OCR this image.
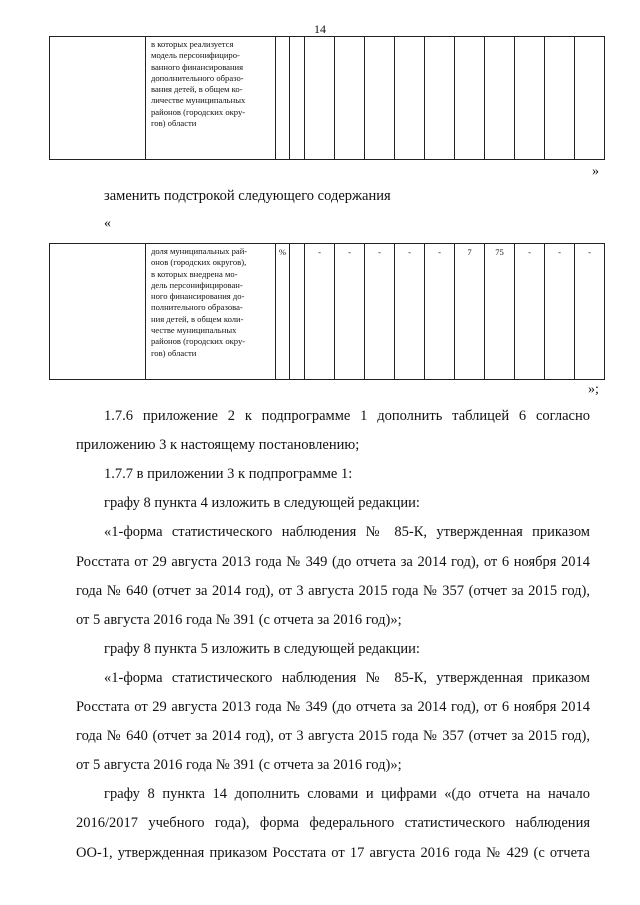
14

в которых реализуется
модель персонифициро-
ванного финансирования
дополнительного образо-
вания детей, в общем ко-
личестве муниципальных
районов (городских окру-
гов) области

»
заменить подстрокой следующего содержания
«

доля муниципальных рай-
онов (городских округов),
в которых внедрена мо-
дель персонифицирован-
ного финансирования до-
полнительного образова-
ния детей, в общем коли-
честве муниципальных
районов (городских окру-
гов) области
	%		-	-	-	-	-	7	75	-	-	-
»;
1.7.6 приложение 2 к подпрограмме 1 дополнить таблицей 6 согласно
приложению 3 к настоящему постановлению;
1.7.7 в приложении 3 к подпрограмме 1:
графу 8 пункта 4 изложить в следующей редакции:
«1-форма статистического наблюдения № 85-К, утвержденная приказом
Росстата от 29 августа 2013 года № 349 (до отчета за 2014 год), от 6 ноября 2014
года № 640 (отчет за 2014 год), от 3 августа 2015 года № 357 (отчет за 2015 год),
от 5 августа 2016 года № 391 (с отчета за 2016 год)»;
графу 8 пункта 5 изложить в следующей редакции:
«1-форма статистического наблюдения № 85-К, утвержденная приказом
Росстата от 29 августа 2013 года № 349 (до отчета за 2014 год), от 6 ноября 2014
года № 640 (отчет за 2014 год), от 3 августа 2015 года № 357 (отчет за 2015 год),
от 5 августа 2016 года № 391 (с отчета за 2016 год)»;
графу 8 пункта 14 дополнить словами и цифрами «(до отчета на начало
2016/2017 учебного года), форма федерального статистического наблюдения
ОО-1, утвержденная приказом Росстата от 17 августа 2016 года № 429 (с отчета
